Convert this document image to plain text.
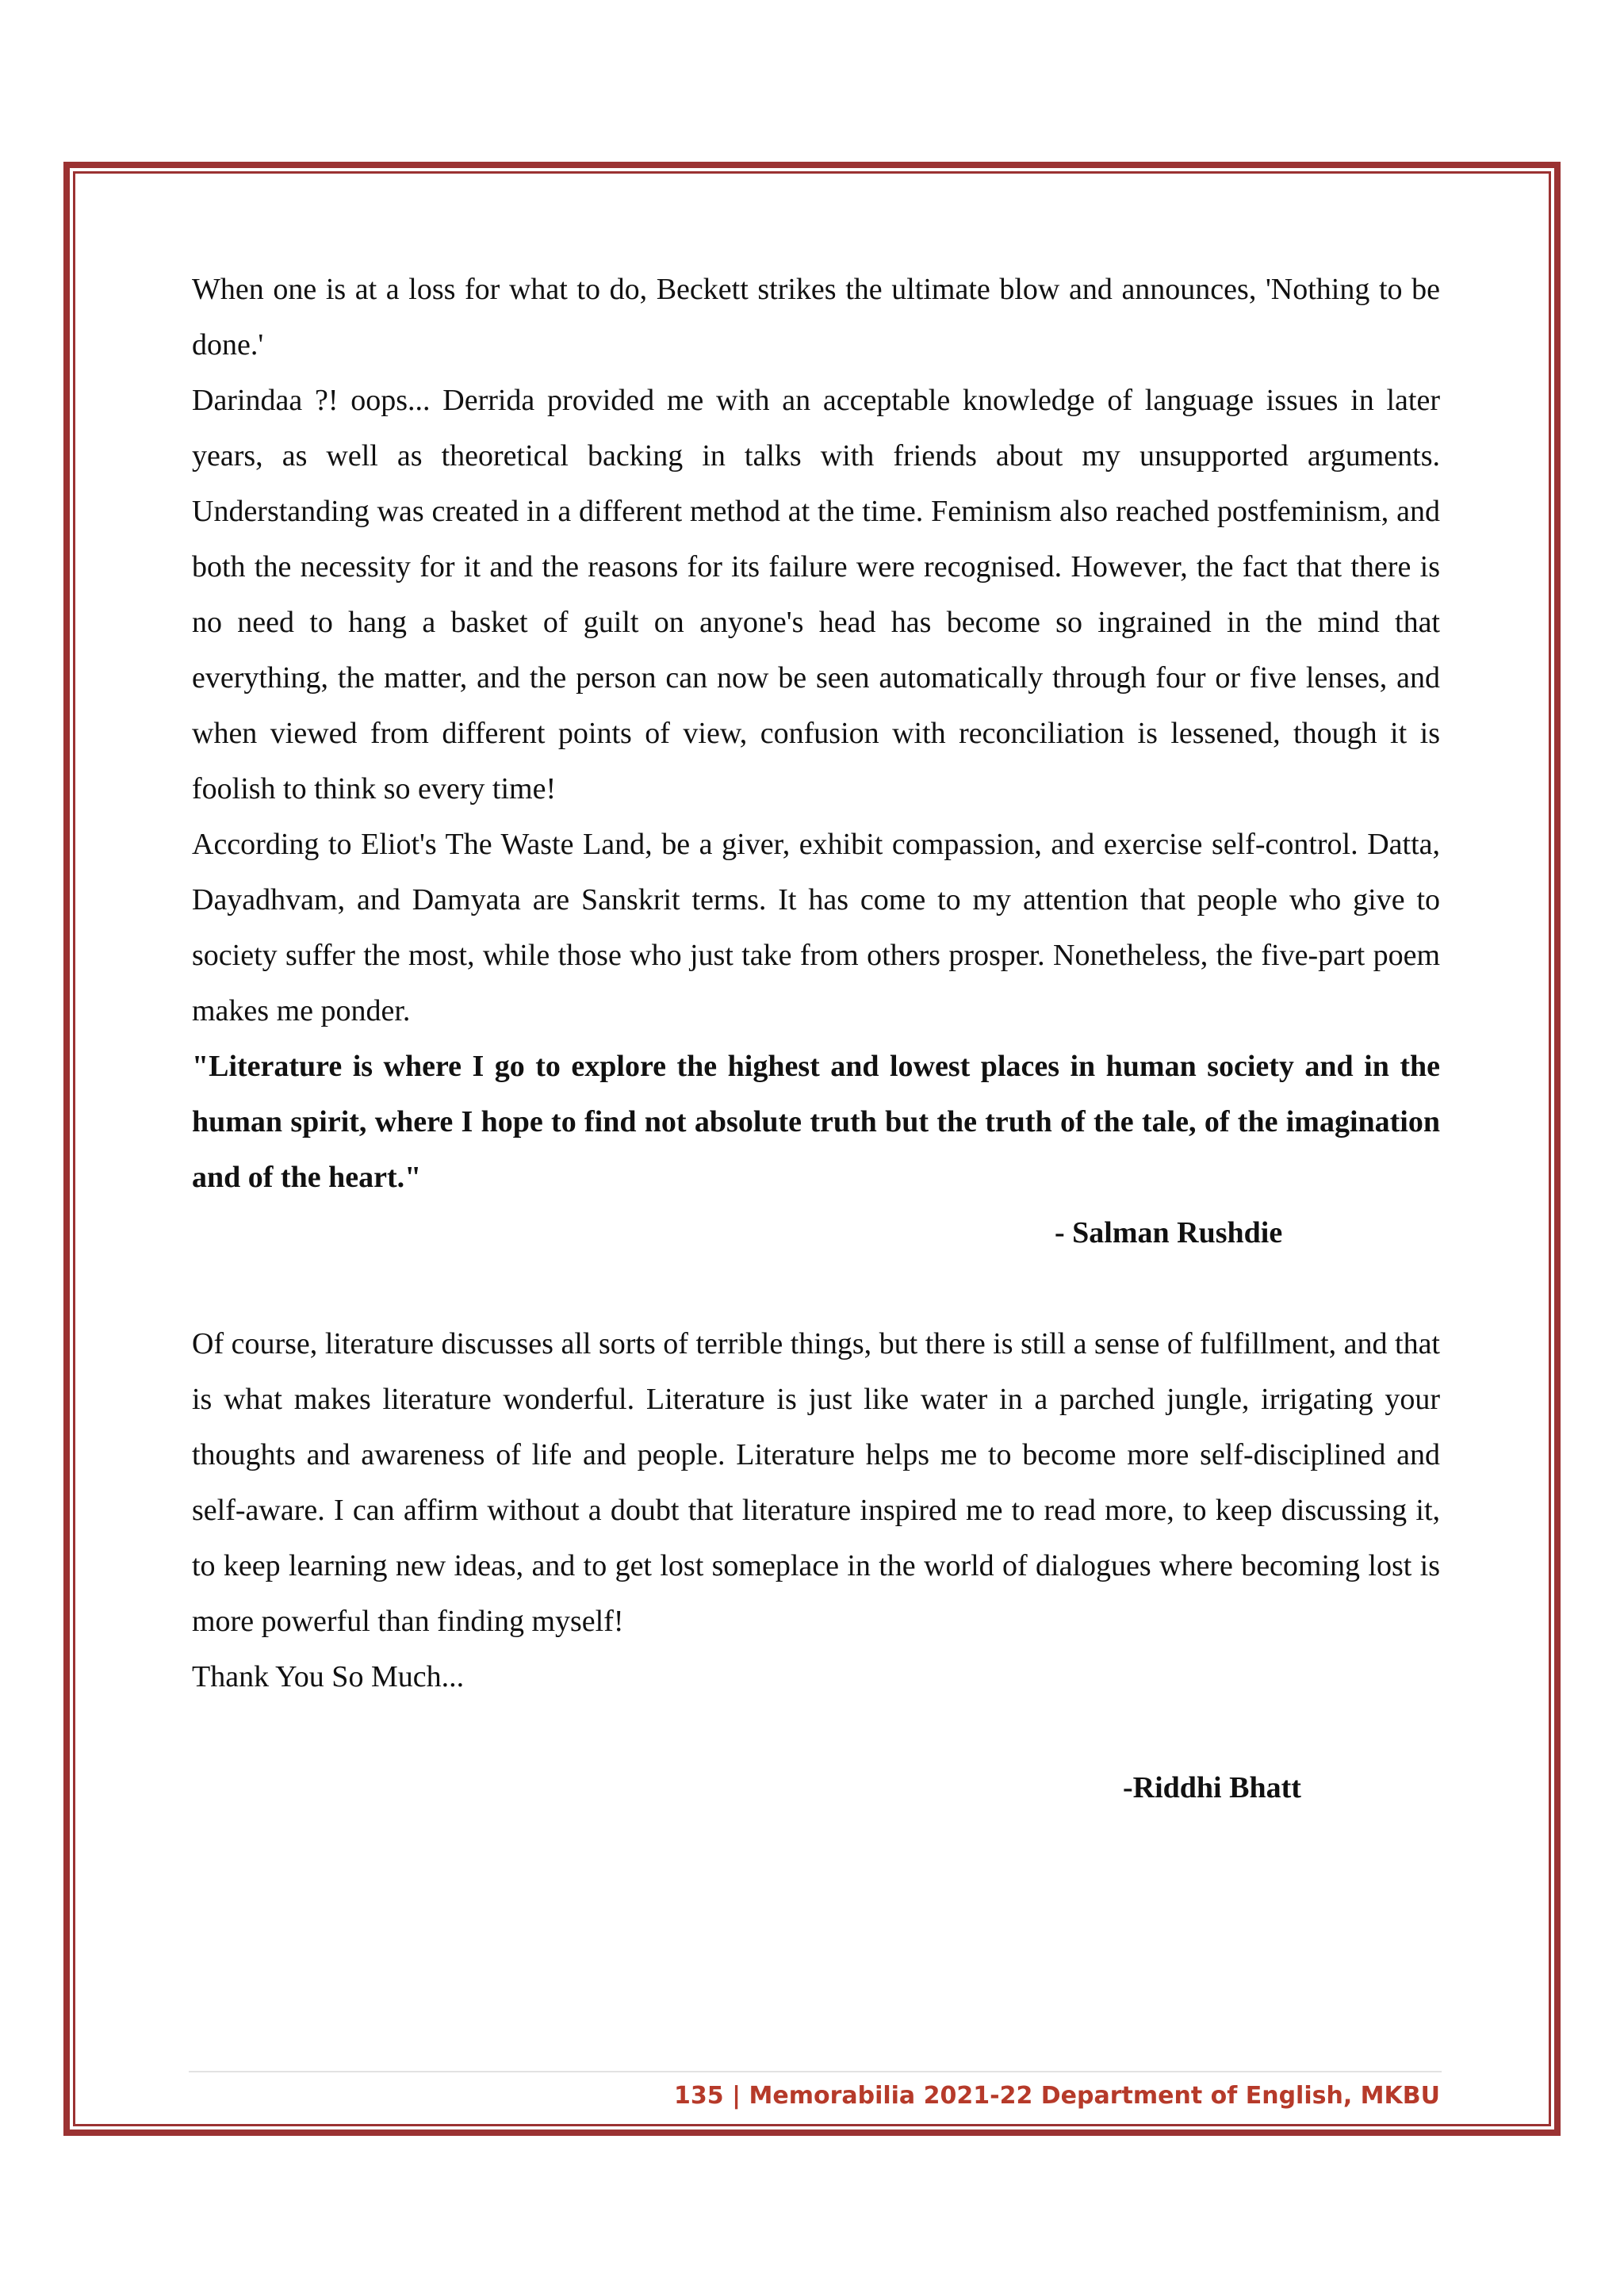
When one is at a loss for what to do, Beckett strikes the ultimate blow and announces, 'Nothing to be done.'

Darindaa ?! oops... Derrida provided me with an acceptable knowledge of language issues in later years, as well as theoretical backing in talks with friends about my unsupported arguments. Understanding was created in a different method at the time. Feminism also reached postfeminism, and both the necessity for it and the reasons for its failure were recognised. However, the fact that there is no need to hang a basket of guilt on anyone's head has become so ingrained in the mind that everything, the matter, and the person can now be seen automatically through four or five lenses, and when viewed from different points of view, confusion with reconciliation is lessened, though it is foolish to think so every time!

According to Eliot's The Waste Land, be a giver, exhibit compassion, and exercise self-control. Datta, Dayadhvam, and Damyata are Sanskrit terms. It has come to my attention that people who give to society suffer the most, while those who just take from others prosper. Nonetheless, the five-part poem makes me ponder.

"Literature is where I go to explore the highest and lowest places in human society and in the human spirit, where I hope to find not absolute truth but the truth of the tale, of the imagination and of the heart."

- Salman Rushdie

Of course, literature discusses all sorts of terrible things, but there is still a sense of fulfillment, and that is what makes literature wonderful. Literature is just like water in a parched jungle, irrigating your thoughts and awareness of life and people. Literature helps me to become more self-disciplined and self-aware. I can affirm without a doubt that literature inspired me to read more, to keep discussing it, to keep learning new ideas, and to get lost someplace in the world of dialogues where becoming lost is more powerful than finding myself!

Thank You So Much...

-Riddhi Bhatt

135 | Memorabilia 2021-22 Department of English, MKBU
